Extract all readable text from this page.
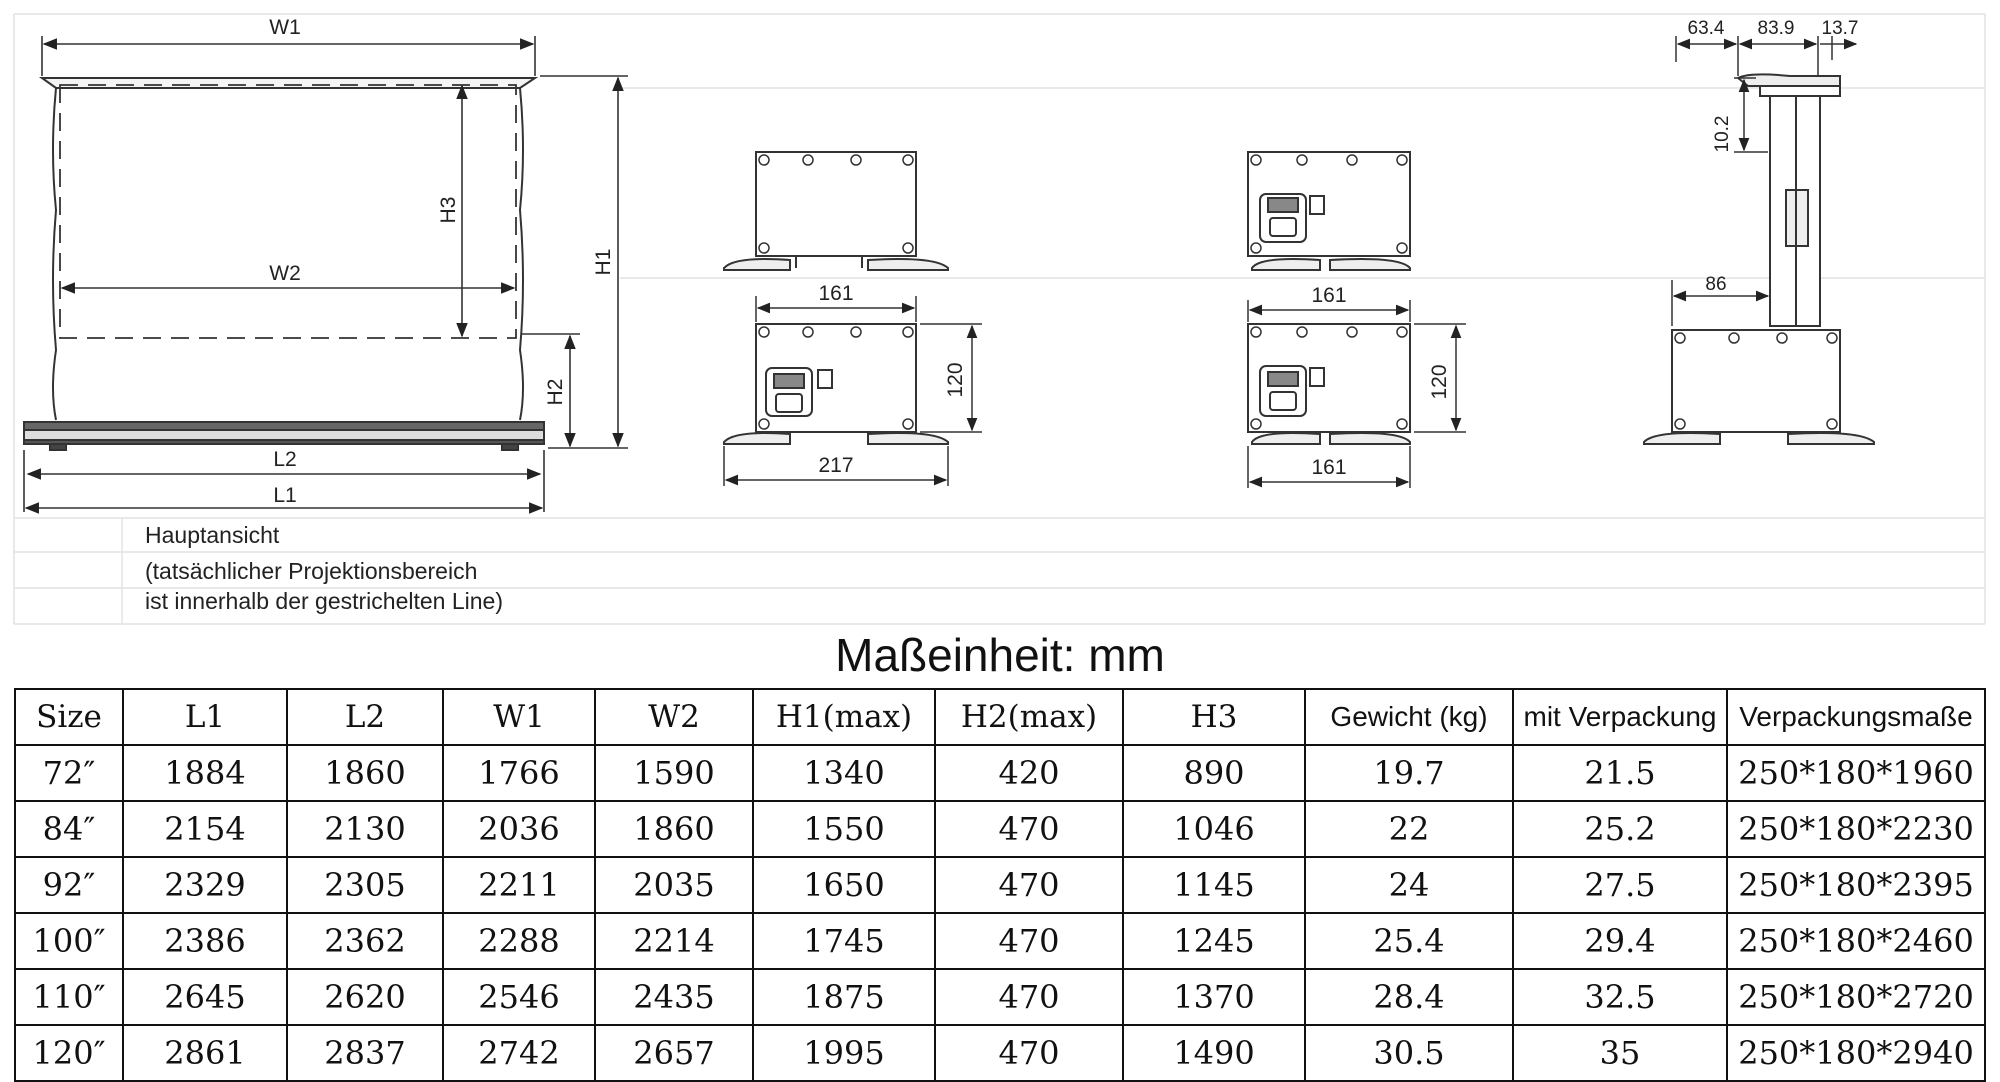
W1
W2
H3
H1
H2
L2
L1
161
120
217
161
120
161
63.4 83.9 13.7
10.2
86
Hauptansicht
(tatsächlicher Projektionsbereich
ist innerhalb der gestrichelten Line)
Maßeinheit: mm
Size	L1	L2	W1	W2	H1(max)	H2(max)	H3	Gewicht (kg)	mit Verpackung	Verpackungsmaße
72″	1884	1860	1766	1590	1340	420	890	19.7	21.5	250*180*1960
84″	2154	2130	2036	1860	1550	470	1046	22	25.2	250*180*2230
92″	2329	2305	2211	2035	1650	470	1145	24	27.5	250*180*2395
100″	2386	2362	2288	2214	1745	470	1245	25.4	29.4	250*180*2460
110″	2645	2620	2546	2435	1875	470	1370	28.4	32.5	250*180*2720
120″	2861	2837	2742	2657	1995	470	1490	30.5	35	250*180*2940
